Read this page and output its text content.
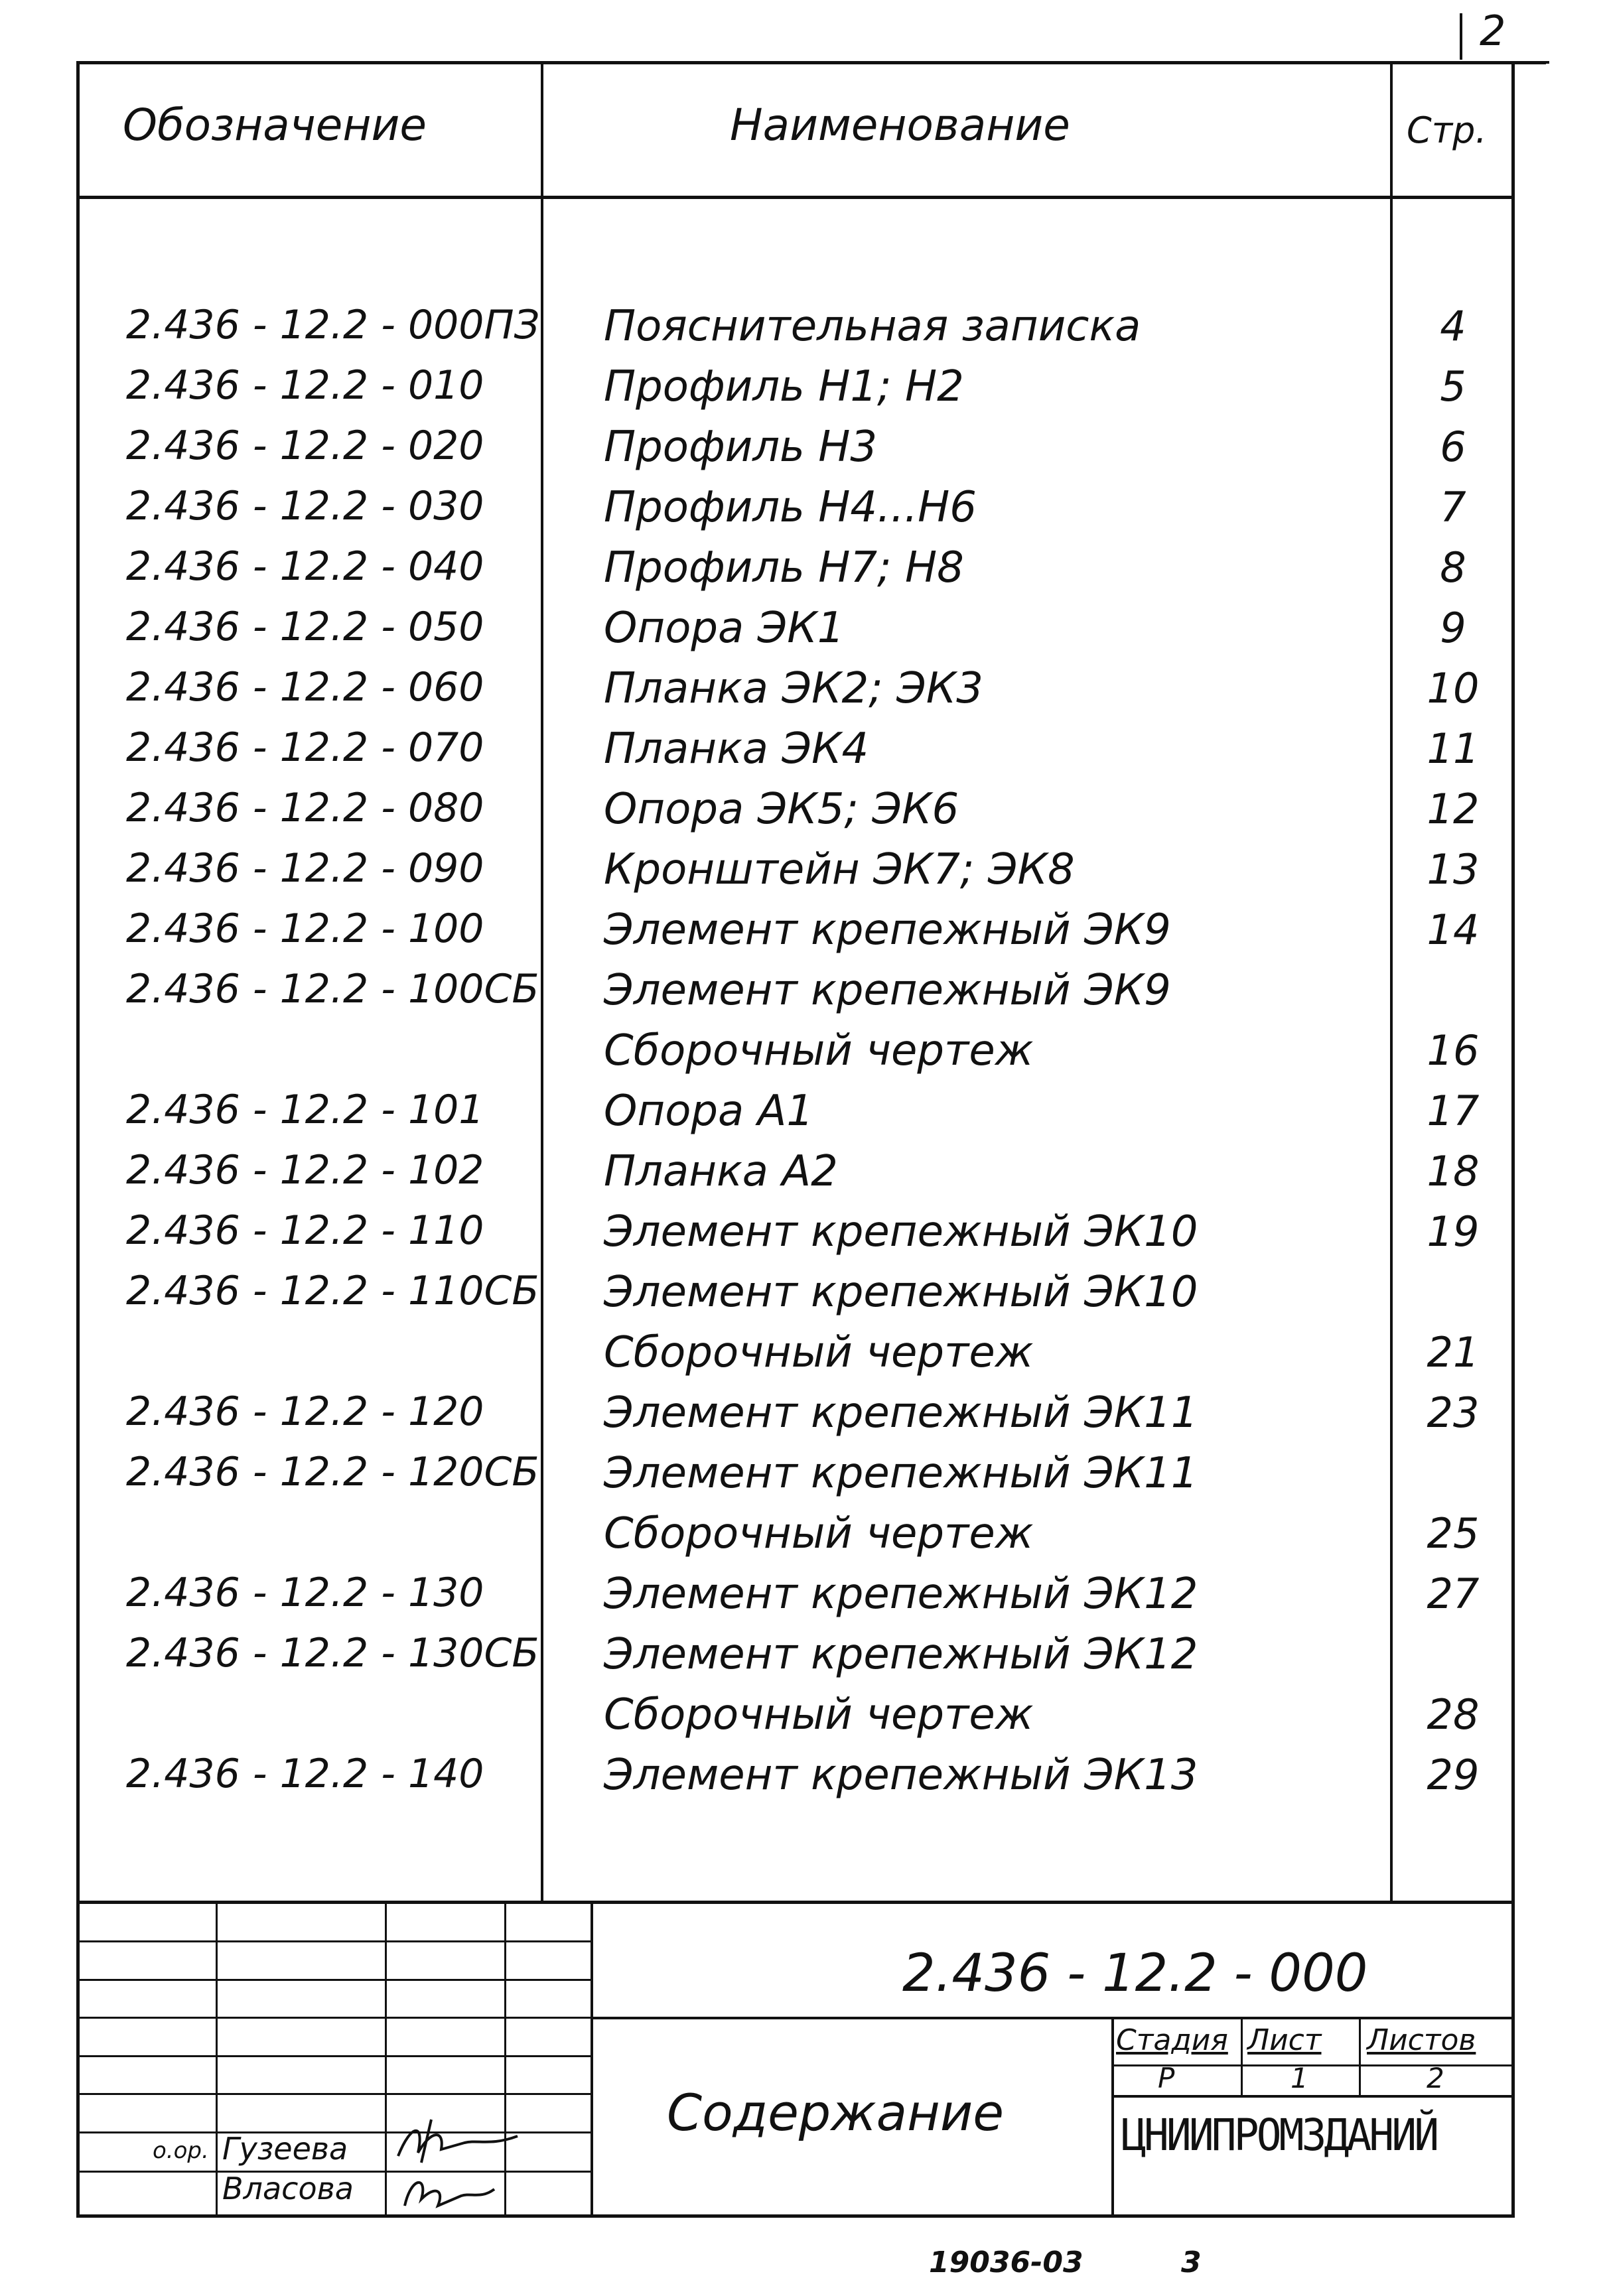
2
Обозначение	Наименование	Стр.
2.436 - 12.2 - 000ПЗ Пояснительная записка	4
2.436 - 12.2 - 010	Профиль Н1; Н2	5
2.436 - 12.2 - 020	Профиль Н3	6
2.436 - 12.2 - 030	Профиль Н4...Н6	7
2.436 - 12.2 - 040	Профиль Н7; Н8	8
2.436 - 12.2 - 050	Опора ЭК1	9
2.436 - 12.2 - 060	Планка ЭК2; ЭК3	10
2.436 - 12.2 - 070	Планка ЭК4	11
2.436 - 12.2 - 080	Опора ЭК5; ЭК6	12
2.436 - 12.2 - 090	Кронштейн ЭК7; ЭК8	13
2.436 - 12.2 - 100	Элемент крепежный ЭК9	14
2.436 - 12.2 - 100СБ Элемент крепежный ЭК9
Сборочный чертеж	16
2.436 - 12.2 - 101	Опора А1	17
2.436 - 12.2 - 102	Планка А2	18
2.436 - 12.2 - 110	Элемент крепежный ЭК10	19
2.436 - 12.2 - 110СБ Элемент крепежный ЭК10
Сборочный чертеж	21
2.436 - 12.2 - 120	Элемент крепежный ЭК11	23
2.436 - 12.2 - 120СБ Элемент крепежный ЭК11
Сборочный чертеж	25
2.436 - 12.2 - 130	Элемент крепежный ЭК12	27
2.436 - 12.2 - 130СБ Элемент крепежный ЭК12
Сборочный чертеж	28
2.436 - 12.2 - 140	Элемент крепежный ЭК13	29
о.ор. Гузеева
Власова
2.436 - 12.2 - 000
Содержание
Стадия Лист Листов
Р	1	2
ЦНИИПРОМЗДАНИЙ
19036-03	3
